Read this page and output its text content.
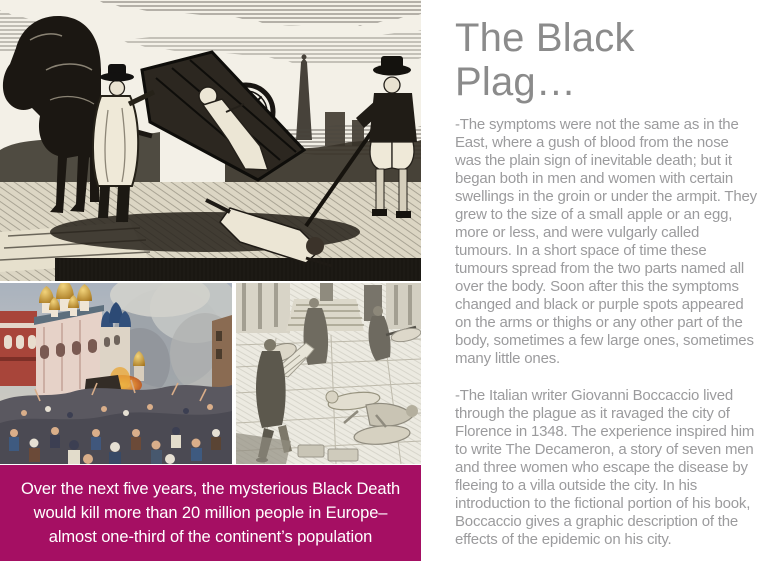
Over the next five years, the mysterious Black Death would kill more than 20 million people in Europe– almost one-third of the continent’s population
The Black Plag…

-The symptoms were not the same as in the East, where a gush of blood from the nose was the plain sign of inevitable death; but it began both in men and women with certain swellings in the groin or under the armpit. They grew to the size of a small apple or an egg, more or less, and were vulgarly called tumours. In a short space of time these tumours spread from the two parts named all over the body. Soon after this the symptoms changed and black or purple spots appeared on the arms or thighs or any other part of the body, sometimes a few large ones, sometimes many little ones.

-The Italian writer Giovanni Boccaccio lived through the plague as it ravaged the city of Florence in 1348. The experience inspired him to write The Decameron, a story of seven men and three women who escape the disease by fleeing to a villa outside the city. In his introduction to the fictional portion of his book, Boccaccio gives a graphic description of the effects of the epidemic on his city.
